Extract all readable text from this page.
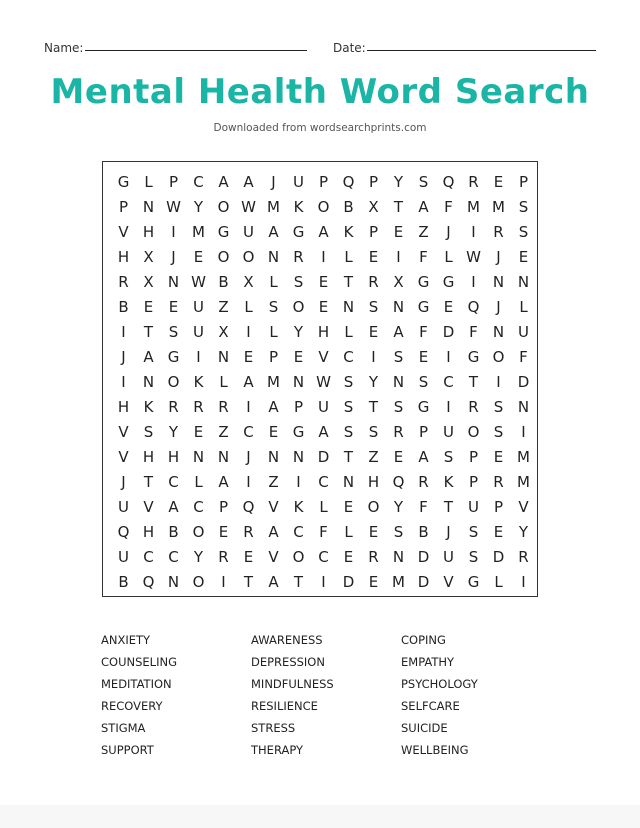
Name:	Date:
Mental Health Word Search
Downloaded from wordsearchprints.com
G	L	P	C A A	J	U P Q P	Y	S Q R	E	P
P N W Y O W M K O B X	T	A	F M M S
V H	I	M G U A G A K	P	E	Z	J	I	R	S
H X	J	E O O N R	I	L	E	I	F	L W	J	E
R X N W B X	L	S	E	T	R X G G	I	N N
B	E	E U Z	L	S O E N S N G E Q	J	L
I	T	S U X	I	L	Y H	L	E	A	F D F	N U
J	A G	I	N E	P	E	V C	I	S	E	I	G O F
I	N O K	L	A M N W S	Y N S C	T	I	D
H K R R R	I	A	P U S	T	S G	I	R	S N
V	S	Y	E	Z C	E G A	S	S	R	P U O S	I
V H H N N	J	N N D T	Z	E	A	S	P	E M
J	T	C	L	A	I	Z	I	C N H Q R K	P	R M
U V A C	P Q V K	L	E O Y	F	T U P	V
Q H B O E	R A C	F	L	E	S	B	J	S	E	Y
U C C	Y	R	E	V O C	E	R N D U S D R
B Q N O	I	T	A	T	I	D E M D V G	L	I
ANXIETY	AWARENESS	COPING
COUNSELING	DEPRESSION	EMPATHY
MEDITATION	MINDFULNESS	PSYCHOLOGY
RECOVERY	RESILIENCE	SELFCARE
STIGMA	STRESS	SUICIDE
SUPPORT	THERAPY	WELLBEING
